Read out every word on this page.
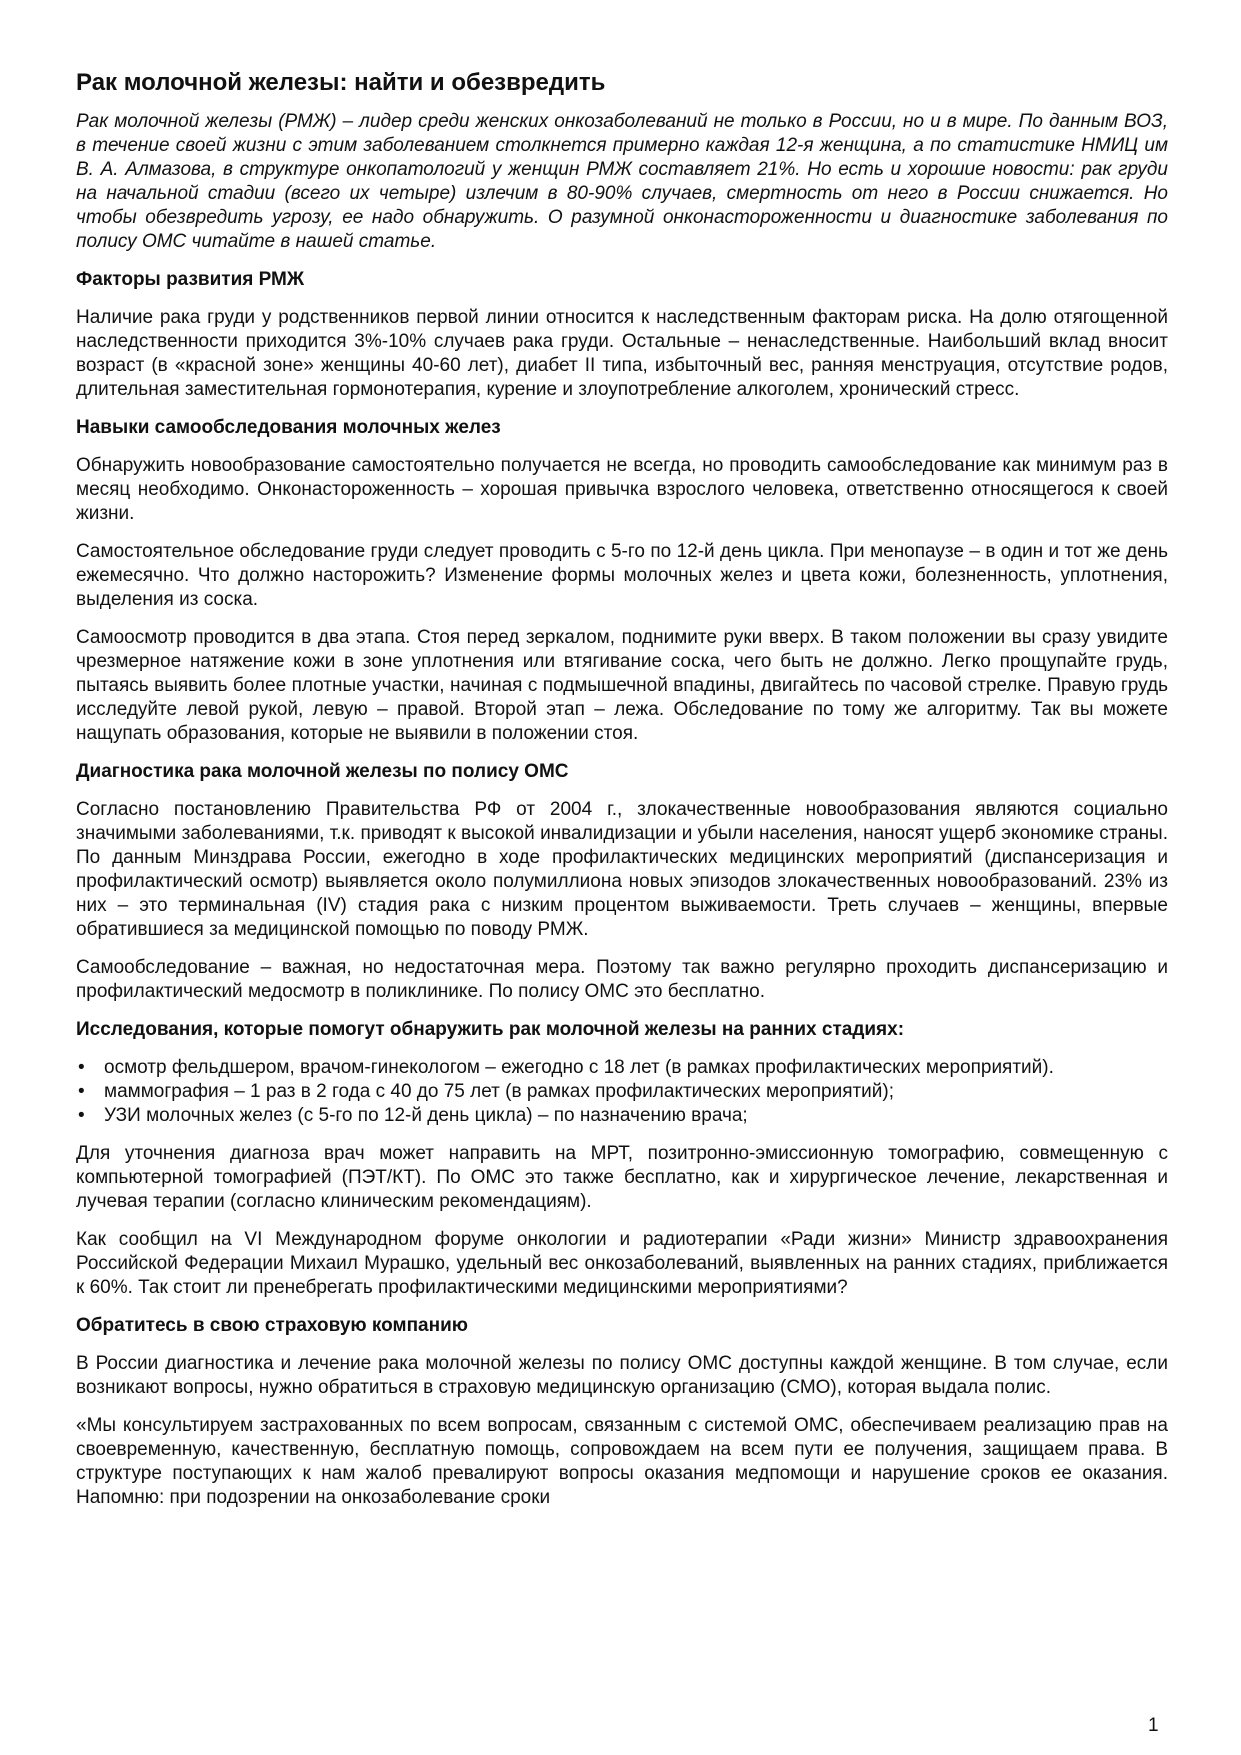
Рак молочной железы: найти и обезвредить

Рак молочной железы (РМЖ) – лидер среди женских онкозаболеваний не только в России, но и в мире. По данным ВОЗ, в течение своей жизни с этим заболеванием столкнется примерно каждая 12-я женщина, а по статистике НМИЦ им В. А. Алмазова, в структуре онкопатологий у женщин РМЖ составляет 21%. Но есть и хорошие новости: рак груди на начальной стадии (всего их четыре) излечим в 80-90% случаев, смертность от него в России снижается. Но чтобы обезвредить угрозу, ее надо обнаружить. О разумной онконастороженности и диагностике заболевания по полису ОМС читайте в нашей статье.

Факторы развития РМЖ

Наличие рака груди у родственников первой линии относится к наследственным факторам риска. На долю отягощенной наследственности приходится 3%-10% случаев рака груди. Остальные – ненаследственные. Наибольший вклад вносит возраст (в «красной зоне» женщины 40-60 лет), диабет II типа, избыточный вес, ранняя менструация, отсутствие родов, длительная заместительная гормонотерапия, курение и злоупотребление алкоголем, хронический стресс.

Навыки самообследования молочных желез

Обнаружить новообразование самостоятельно получается не всегда, но проводить самообследование как минимум раз в месяц необходимо. Онконастороженность – хорошая привычка взрослого человека, ответственно относящегося к своей жизни.

Самостоятельное обследование груди следует проводить с 5-го по 12-й день цикла. При менопаузе – в один и тот же день ежемесячно. Что должно насторожить? Изменение формы молочных желез и цвета кожи, болезненность, уплотнения, выделения из соска.

Самоосмотр проводится в два этапа. Стоя перед зеркалом, поднимите руки вверх. В таком положении вы сразу увидите чрезмерное натяжение кожи в зоне уплотнения или втягивание соска, чего быть не должно. Легко прощупайте грудь, пытаясь выявить более плотные участки, начиная с подмышечной впадины, двигайтесь по часовой стрелке. Правую грудь исследуйте левой рукой, левую – правой. Второй этап – лежа. Обследование по тому же алгоритму. Так вы можете нащупать образования, которые не выявили в положении стоя.

Диагностика рака молочной железы по полису ОМС

Согласно постановлению Правительства РФ от 2004 г., злокачественные новообразования являются социально значимыми заболеваниями, т.к. приводят к высокой инвалидизации и убыли населения, наносят ущерб экономике страны. По данным Минздрава России, ежегодно в ходе профилактических медицинских мероприятий (диспансеризация и профилактический осмотр) выявляется около полумиллиона новых эпизодов злокачественных новообразований. 23% из них – это терминальная (IV) стадия рака с низким процентом выживаемости. Треть случаев – женщины, впервые обратившиеся за медицинской помощью по поводу РМЖ.

Самообследование – важная, но недостаточная мера. Поэтому так важно регулярно проходить диспансеризацию и профилактический медосмотр в поликлинике. По полису ОМС это бесплатно.

Исследования, которые помогут обнаружить рак молочной железы на ранних стадиях:
• осмотр фельдшером, врачом-гинекологом – ежегодно с 18 лет (в рамках профилактических мероприятий).
• маммография – 1 раз в 2 года с 40 до 75 лет (в рамках профилактических мероприятий);
• УЗИ молочных желез (с 5-го по 12-й день цикла) – по назначению врача;

Для уточнения диагноза врач может направить на МРТ, позитронно-эмиссионную томографию, совмещенную с компьютерной томографией (ПЭТ/КТ). По ОМС это также бесплатно, как и хирургическое лечение, лекарственная и лучевая терапии (согласно клиническим рекомендациям).

Как сообщил на VI Международном форуме онкологии и радиотерапии «Ради жизни» Министр здравоохранения Российской Федерации Михаил Мурашко, удельный вес онкозаболеваний, выявленных на ранних стадиях, приближается к 60%. Так стоит ли пренебрегать профилактическими медицинскими мероприятиями?

Обратитесь в свою страховую компанию

В России диагностика и лечение рака молочной железы по полису ОМС доступны каждой женщине. В том случае, если возникают вопросы, нужно обратиться в страховую медицинскую организацию (СМО), которая выдала полис.

«Мы консультируем застрахованных по всем вопросам, связанным с системой ОМС, обеспечиваем реализацию прав на своевременную, качественную, бесплатную помощь, сопровождаем на всем пути ее получения, защищаем права. В структуре поступающих к нам жалоб превалируют вопросы оказания медпомощи и нарушение сроков ее оказания. Напомню: при подозрении на онкозаболевание сроки

1
